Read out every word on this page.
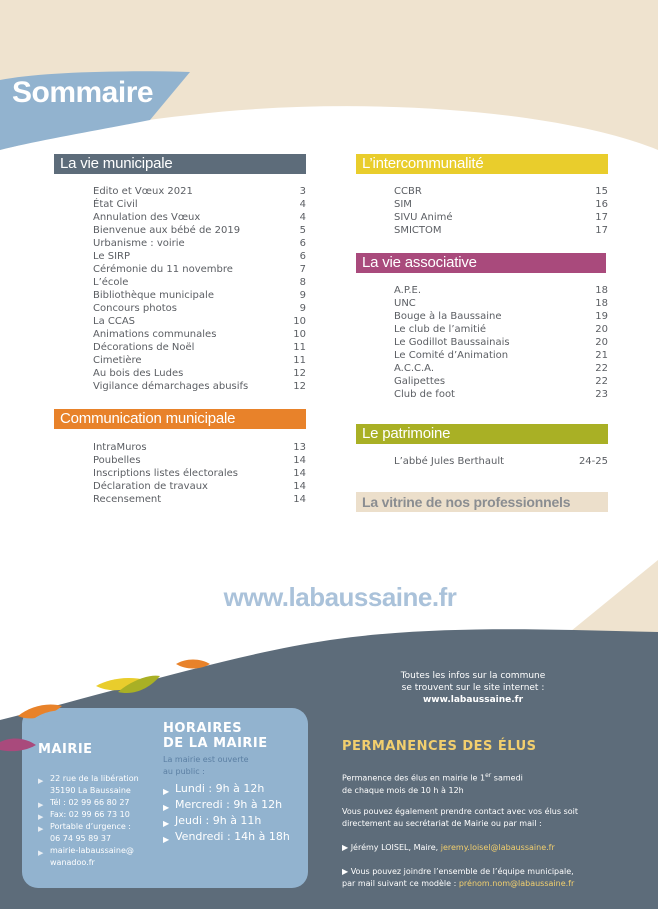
Sommaire
La vie municipale
Edito et Vœux 2021	3
État Civil	4
Annulation des Vœux	4
Bienvenue aux bébé de 2019	5
Urbanisme : voirie	6
Le SIRP	6
Cérémonie du 11 novembre	7
L’école	8
Bibliothèque municipale	9
Concours photos	9
La CCAS	10
Animations communales	10
Décorations de Noël	11
Cimetière	11
Au bois des Ludes	12
Vigilance démarchages abusifs	12
Communication municipale
IntraMuros	13
Poubelles	14
Inscriptions listes électorales	14
Déclaration de travaux	14
Recensement	14
L’intercommunalité
CCBR	15
SIM	16
SIVU Animé	17
SMICTOM	17
La vie associative
A.P.E.	18
UNC	18
Bouge à la Baussaine	19
Le club de l’amitié	20
Le Godillot Baussainais	20
Le Comité d’Animation	21
A.C.C.A.	22
Galipettes	22
Club de foot	23
Le patrimoine
L’abbé Jules Berthault	24-25
La vitrine de nos professionnels
www.labaussaine.fr
Toutes les infos sur la commune
se trouvent sur le site internet :
www.labaussaine.fr
MAIRIE
▶ 22 rue de la libération
35190 La Baussaine
▶ Tél : 02 99 66 80 27
▶ Fax: 02 99 66 73 10
▶ Portable d’urgence :
06 74 95 89 37
▶ mairie-labaussaine@
wanadoo.fr
HORAIRES
DE LA MAIRIE
La mairie est ouverte
au public :
▶ Lundi : 9h à 12h
▶ Mercredi : 9h à 12h
▶ Jeudi : 9h à 11h
▶ Vendredi : 14h à 18h
PERMANENCES DES ÉLUS
Permanence des élus en mairie le 1er samedi
de chaque mois de 10 h à 12h
Vous pouvez également prendre contact avec vos élus soit
directement au secrétariat de Mairie ou par mail :
▶ Jérémy LOISEL, Maire, jeremy.loisel@labaussaine.fr
▶ Vous pouvez joindre l’ensemble de l’équipe municipale,
par mail suivant ce modèle : prénom.nom@labaussaine.fr
